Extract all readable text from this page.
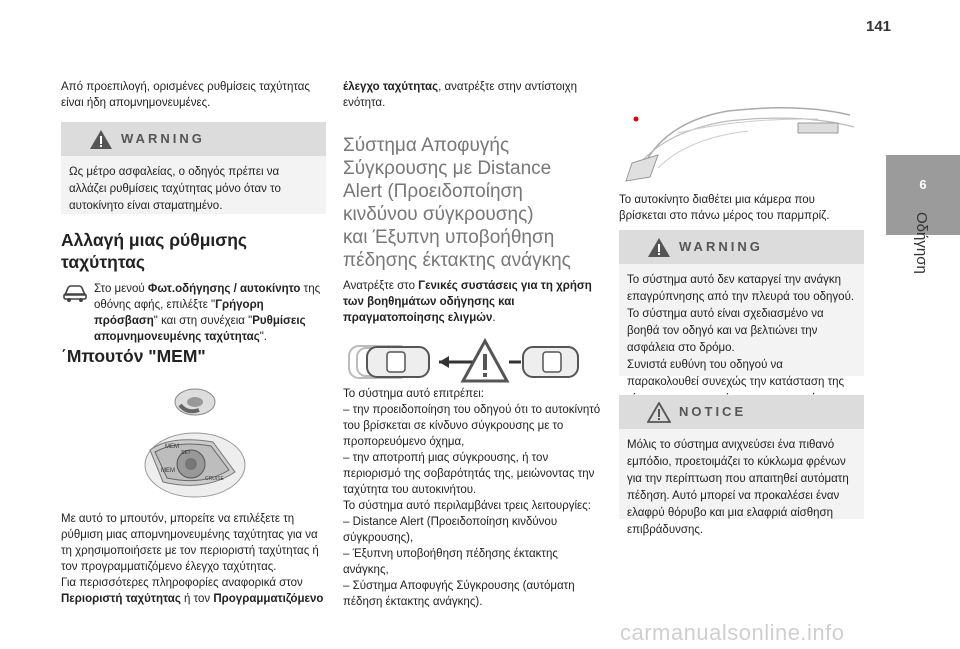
141
6
Οδήγηση
Από προεπιλογή, ορισμένες ρυθμίσεις ταχύτητας είναι ήδη απομνημονευμένες.
WARNING
Ως μέτρο ασφαλείας, ο οδηγός πρέπει να αλλάζει ρυθμίσεις ταχύτητας μόνο όταν το αυτοκίνητο είναι σταματημένο.
Αλλαγή μιας ρύθμισης
ταχύτητας
Στο μενού Φωτ.οδήγησης / αυτοκίνητο της οθόνης αφής, επιλέξτε "Γρήγορη πρόσβαση" και στη συνέχεια "Ρυθμίσεις απομνημονευμένης ταχύτητας".
΄Μπουτόν "MEM"
MEM
MEM
SET
CRUISE
Με αυτό το μπουτόν, μπορείτε να επιλέξετε τη ρύθμιση μιας απομνημονευμένης ταχύτητας για να τη χρησιμοποιήσετε με τον περιοριστή ταχύτητας ή τον προγραμματιζόμενο έλεγχο ταχύτητας.
Για περισσότερες πληροφορίες αναφορικά στον Περιοριστή ταχύτητας ή τον Προγραμματιζόμενο
έλεγχο ταχύτητας, ανατρέξτε στην αντίστοιχη ενότητα.
Σύστημα Αποφυγής
Σύγκρουσης με Distance
Alert (Προειδοποίηση
κινδύνου σύγκρουσης)
και Έξυπνη υποβοήθηση
πέδησης έκτακτης ανάγκης
Ανατρέξτε στο Γενικές συστάσεις για τη χρήση των βοηθημάτων οδήγησης και πραγματοποίησης ελιγμών.
Το σύστημα αυτό επιτρέπει:
– την προειδοποίηση του οδηγού ότι το αυτοκίνητό του βρίσκεται σε κίνδυνο σύγκρουσης με το προπορευόμενο όχημα,
– την αποτροπή μιας σύγκρουσης, ή τον περιορισμό της σοβαρότητάς της, μειώνοντας την ταχύτητα του αυτοκινήτου.
Το σύστημα αυτό περιλαμβάνει τρεις λειτουργίες:
– Distance Alert (Προειδοποίηση κινδύνου σύγκρουσης),
– Έξυπνη υποβοήθηση πέδησης έκτακτης ανάγκης,
– Σύστημα Αποφυγής Σύγκρουσης (αυτόματη πέδηση έκτακτης ανάγκης).
Το αυτοκίνητο διαθέτει μια κάμερα που βρίσκεται στο πάνω μέρος του παρμπρίζ.
WARNING
Το σύστημα αυτό δεν καταργεί την ανάγκη επαγρύπνησης από την πλευρά του οδηγού.
Το σύστημα αυτό είναι σχεδιασμένο να βοηθά τον οδηγό και να βελτιώνει την ασφάλεια στο δρόμο.
Συνιστά ευθύνη του οδηγού να παρακολουθεί συνεχώς την κατάσταση της
NOTICE
Μόλις το σύστημα ανιχνεύσει ένα πιθανό εμπόδιο, προετοιμάζει το κύκλωμα φρένων για την περίπτωση που απαιτηθεί αυτόματη πέδηση. Αυτό μπορεί να προκαλέσει έναν ελαφρύ θόρυβο και μια ελαφριά αίσθηση επιβράδυνσης.
carmanualsonline.info
